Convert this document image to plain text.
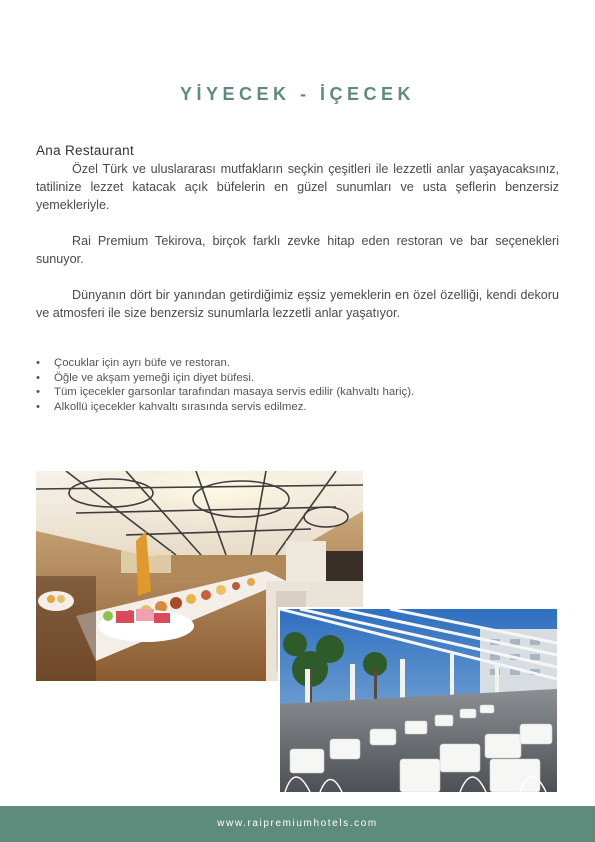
YİYECEK - İÇECEK
Ana Restaurant
Özel Türk ve uluslararası mutfakların seçkin çeşitleri ile lezzetli anlar yaşayacaksınız, tatilinize lezzet katacak açık büfelerin en güzel sunumları ve usta şeflerin benzersiz yemekleriyle.
Rai Premium Tekirova, birçok farklı zevke hitap eden restoran ve bar seçenekleri sunuyor.
Dünyanın dört bir yanından getirdiğimiz eşsiz yemeklerin en özel özelliği, kendi dekoru ve atmosferi ile size benzersiz sunumlarla lezzetli anlar yaşatıyor.
• Çocuklar için ayrı büfe ve restoran.
• Öğle ve akşam yemeği için diyet büfesi.
• Tüm içecekler garsonlar tarafından masaya servis edilir (kahvaltı hariç).
• Alkollü içecekler kahvaltı sırasında servis edilmez.
www.raipremiumhotels.com
